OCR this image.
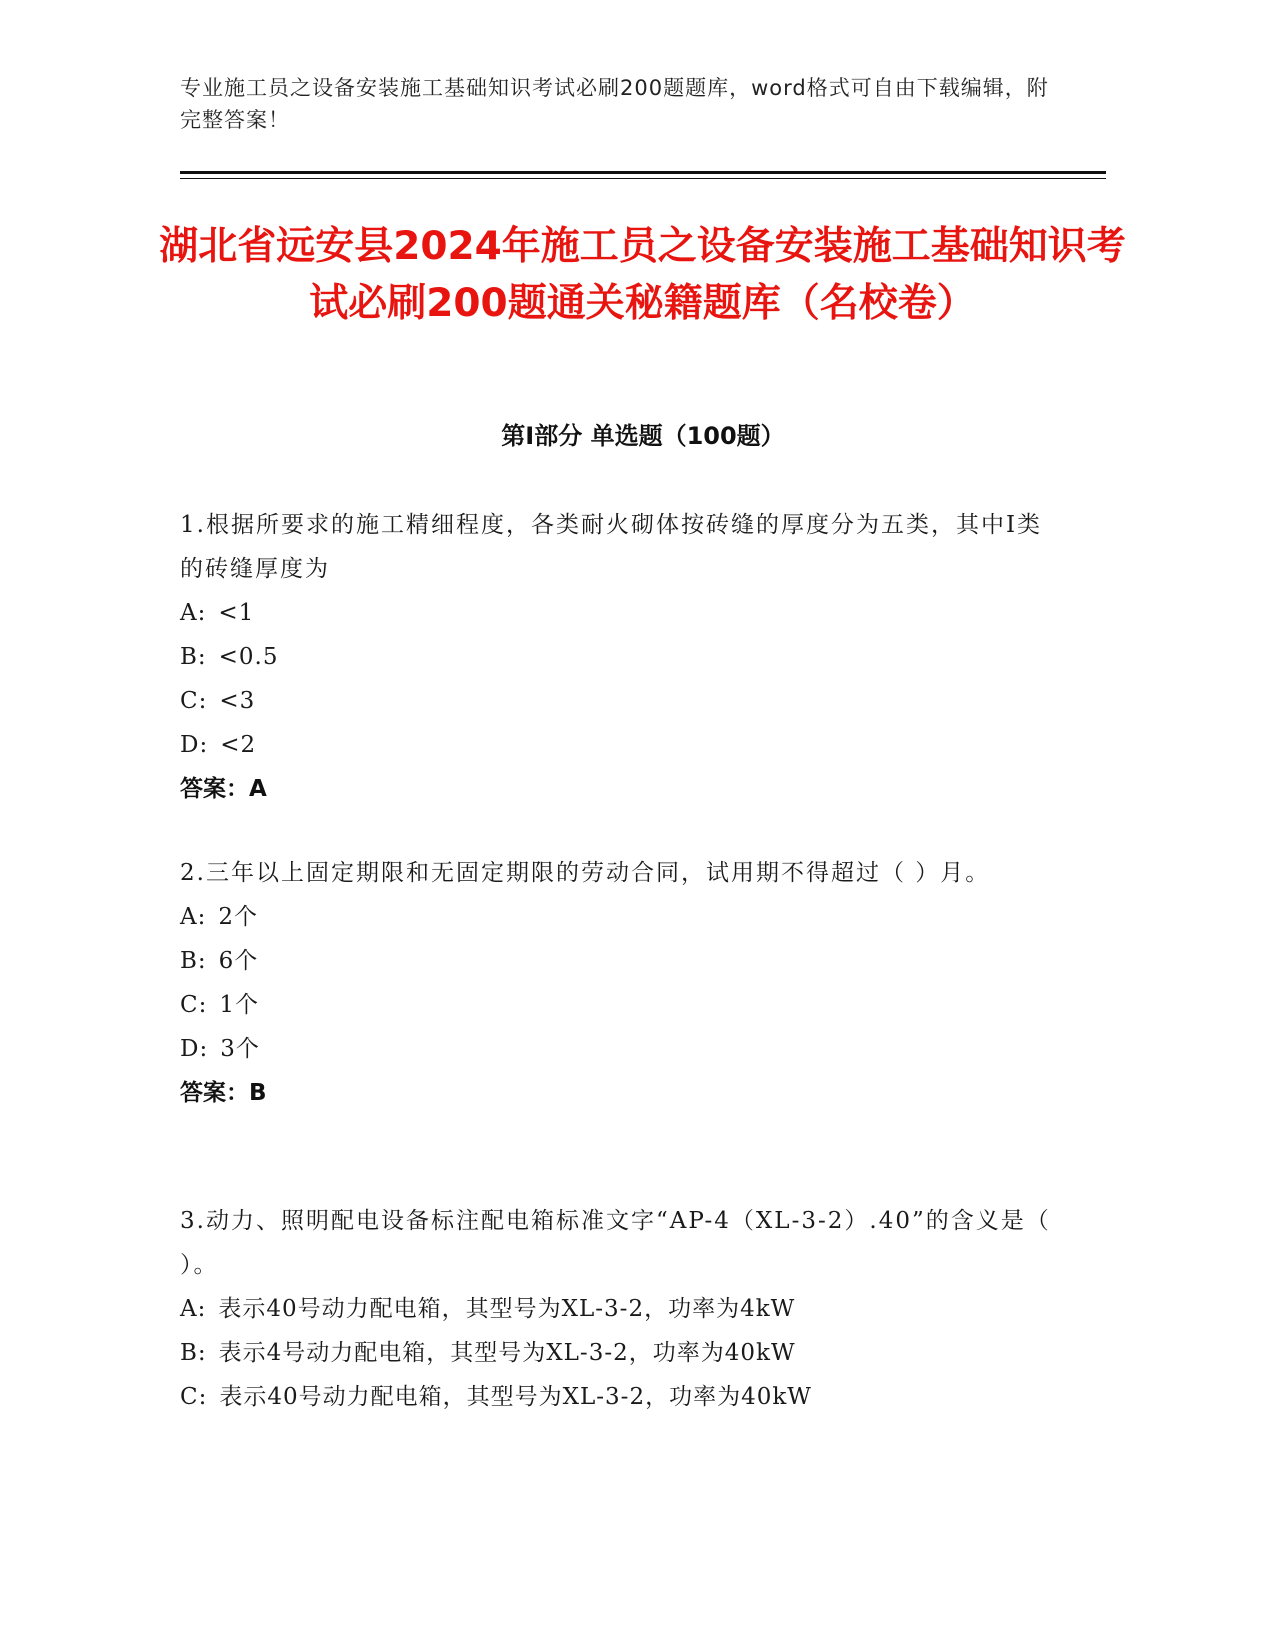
专业施工员之设备安装施工基础知识考试必刷200题题库，word格式可自由下载编辑，附完整答案！
湖北省远安县2024年施工员之设备安装施工基础知识考试必刷200题通关秘籍题库（名校卷）
第I部分 单选题（100题）
1.根据所要求的施工精细程度，各类耐火砌体按砖缝的厚度分为五类，其中I类的砖缝厚度为
A: <1
B: <0.5
C: <3
D: <2
答案：A
2.三年以上固定期限和无固定期限的劳动合同，试用期不得超过（ ）月。
A: 2个
B: 6个
C: 1个
D: 3个
答案：B
3.动力、照明配电设备标注配电箱标准文字“AP-4（XL-3-2）.40”的含义是（ ）。
A: 表示40号动力配电箱，其型号为XL-3-2，功率为4kW
B: 表示4号动力配电箱，其型号为XL-3-2，功率为40kW
C: 表示40号动力配电箱，其型号为XL-3-2，功率为40kW
